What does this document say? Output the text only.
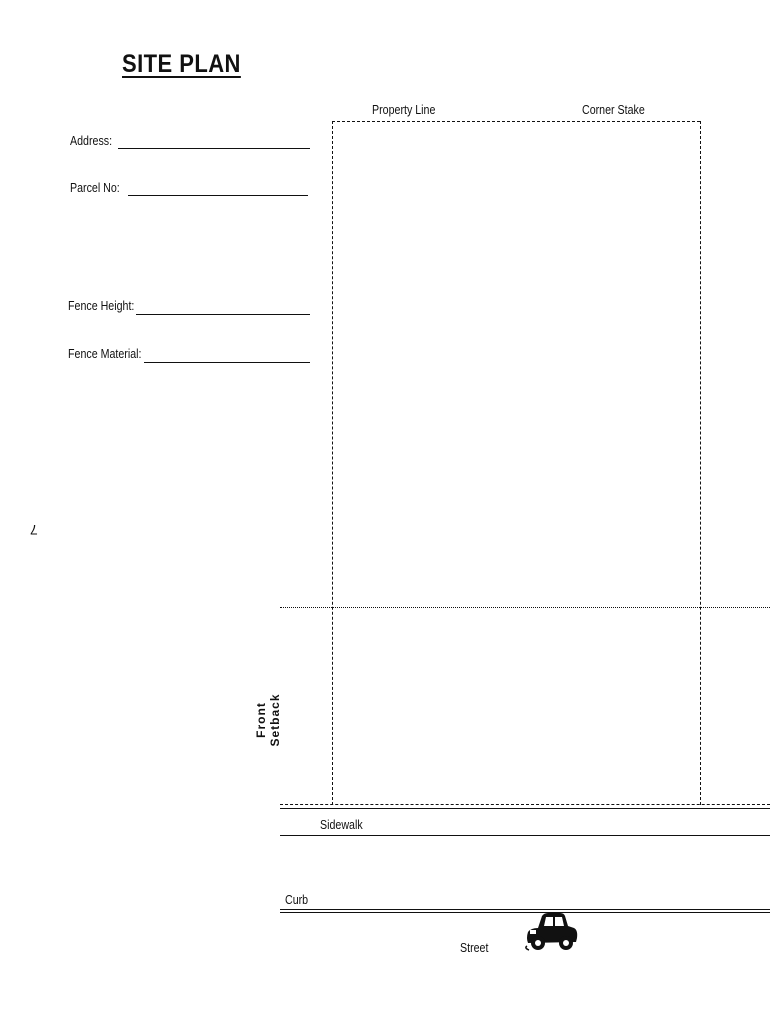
SITE PLAN
Address:
Parcel No:
Fence Height:
Fence Material:
7
Property Line	Corner Stake
Front Setback
Sidewalk
Curb
Street
